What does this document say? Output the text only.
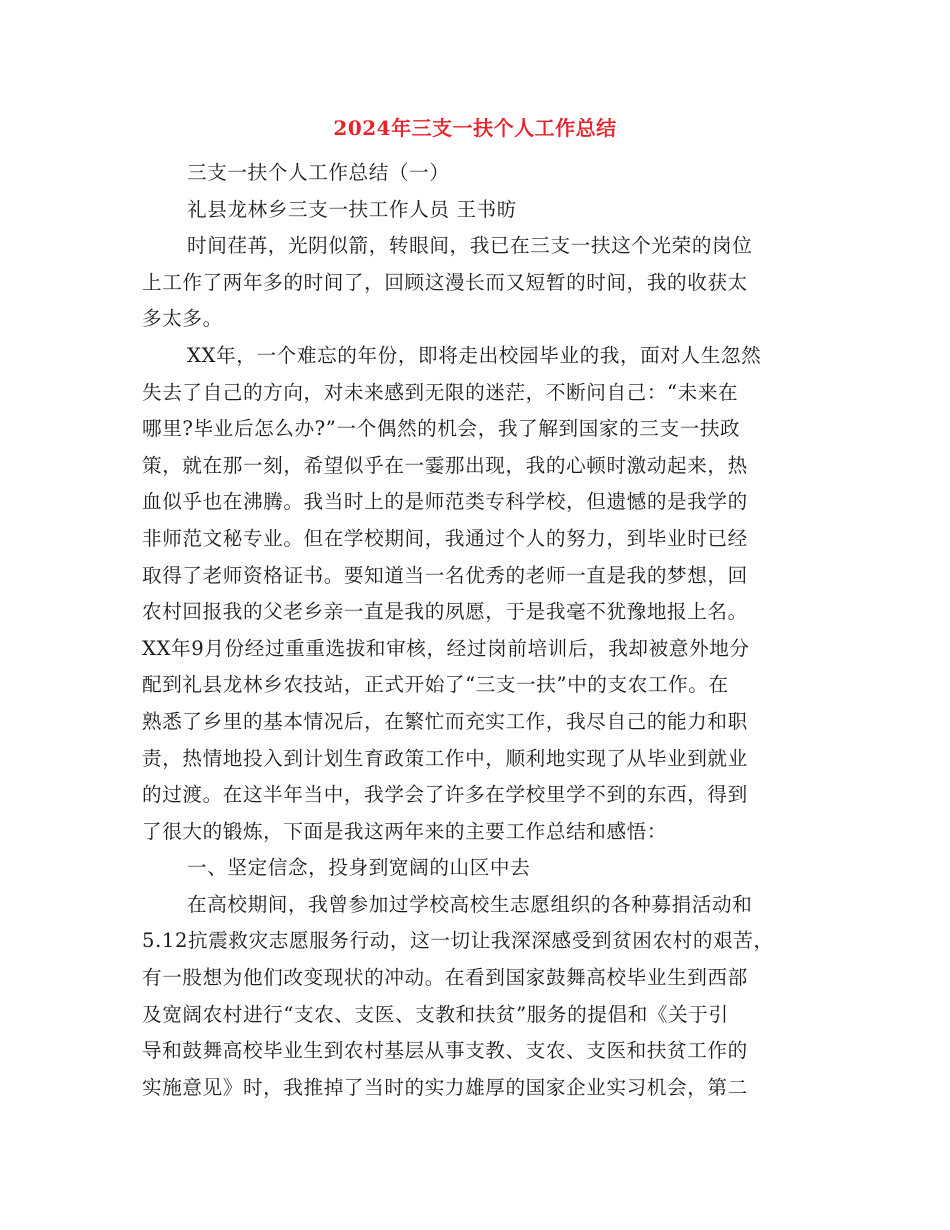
2024年三支一扶个人工作总结

三支一扶个人工作总结（一）

礼县龙林乡三支一扶工作人员 王书昉

时间荏苒，光阴似箭，转眼间，我已在三支一扶这个光荣的岗位

上工作了两年多的时间了，回顾这漫长而又短暂的时间，我的收获太

多太多。

XX年，一个难忘的年份，即将走出校园毕业的我，面对人生忽然

失去了自己的方向，对未来感到无限的迷茫，不断问自己：“未来在

哪里?毕业后怎么办?”一个偶然的机会，我了解到国家的三支一扶政

策，就在那一刻，希望似乎在一霎那出现，我的心顿时激动起来，热

血似乎也在沸腾。我当时上的是师范类专科学校，但遗憾的是我学的

非师范文秘专业。但在学校期间，我通过个人的努力，到毕业时已经

取得了老师资格证书。要知道当一名优秀的老师一直是我的梦想，回

农村回报我的父老乡亲一直是我的夙愿，于是我毫不犹豫地报上名。

XX年9月份经过重重选拔和审核，经过岗前培训后，我却被意外地分

配到礼县龙林乡农技站，正式开始了“三支一扶”中的支农工作。在

熟悉了乡里的基本情况后，在繁忙而充实工作，我尽自己的能力和职

责，热情地投入到计划生育政策工作中，顺利地实现了从毕业到就业

的过渡。在这半年当中，我学会了许多在学校里学不到的东西，得到

了很大的锻炼，下面是我这两年来的主要工作总结和感悟：

一、坚定信念，投身到宽阔的山区中去

在高校期间，我曾参加过学校高校生志愿组织的各种募捐活动和

5.12抗震救灾志愿服务行动，这一切让我深深感受到贫困农村的艰苦，

有一股想为他们改变现状的冲动。在看到国家鼓舞高校毕业生到西部

及宽阔农村进行“支农、支医、支教和扶贫”服务的提倡和《关于引

导和鼓舞高校毕业生到农村基层从事支教、支农、支医和扶贫工作的

实施意见》时，我推掉了当时的实力雄厚的国家企业实习机会，第二
